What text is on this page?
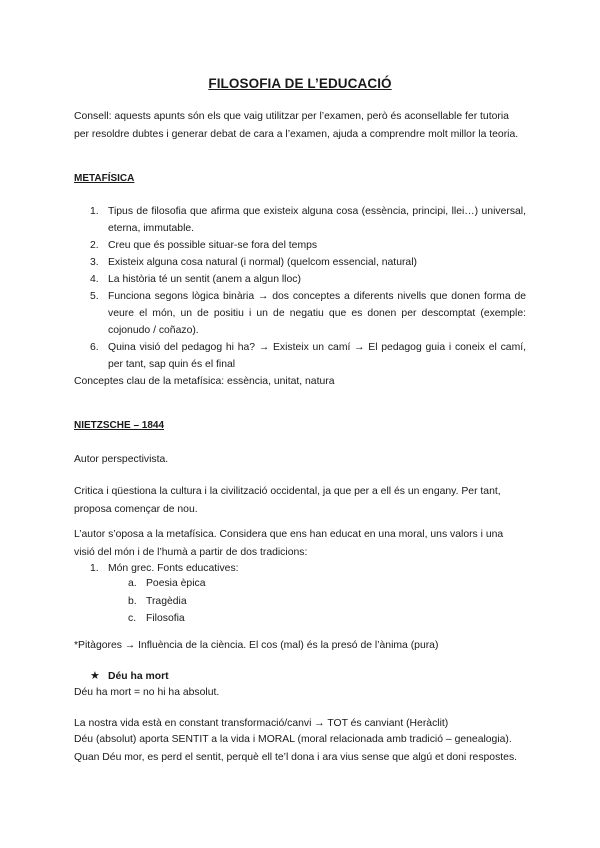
FILOSOFIA DE L’EDUCACIÓ
Consell: aquests apunts són els que vaig utilitzar per l’examen, però és aconsellable fer tutoria per resoldre dubtes i generar debat de cara a l’examen, ajuda a comprendre molt millor la teoria.
METAFÍSICA
1. Tipus de filosofia que afirma que existeix alguna cosa (essència, principi, llei…) universal, eterna, immutable.
2. Creu que és possible situar-se fora del temps
3. Existeix alguna cosa natural (i normal) (quelcom essencial, natural)
4. La història té un sentit (anem a algun lloc)
5. Funciona segons lògica binària → dos conceptes a diferents nivells que donen forma de veure el món, un de positiu i un de negatiu que es donen per descomptat (exemple: cojonudo / coñazo).
6. Quina visió del pedagog hi ha? → Existeix un camí → El pedagog guia i coneix el camí, per tant, sap quin és el final
Conceptes clau de la metafísica: essència, unitat, natura
NIETZSCHE – 1844
Autor perspectivista.
Critica i qüestiona la cultura i la civilització occidental, ja que per a ell és un engany. Per tant, proposa començar de nou.
L’autor s’oposa a la metafísica. Considera que ens han educat en una moral, uns valors i una visió del món i de l’humà a partir de dos tradicions:
1. Món grec. Fonts educatives:
a. Poesia èpica
b. Tragèdia
c. Filosofia
*Pitàgores → Influència de la ciència. El cos (mal) és la presó de l’ànima (pura)
★ Déu ha mort
Déu ha mort = no hi ha absolut.
La nostra vida està en constant transformació/canvi → TOT és canviant (Heràclit)
Déu (absolut) aporta SENTIT a la vida i MORAL (moral relacionada amb tradició – genealogia). Quan Déu mor, es perd el sentit, perquè ell te’l dona i ara vius sense que algú et doni respostes.
